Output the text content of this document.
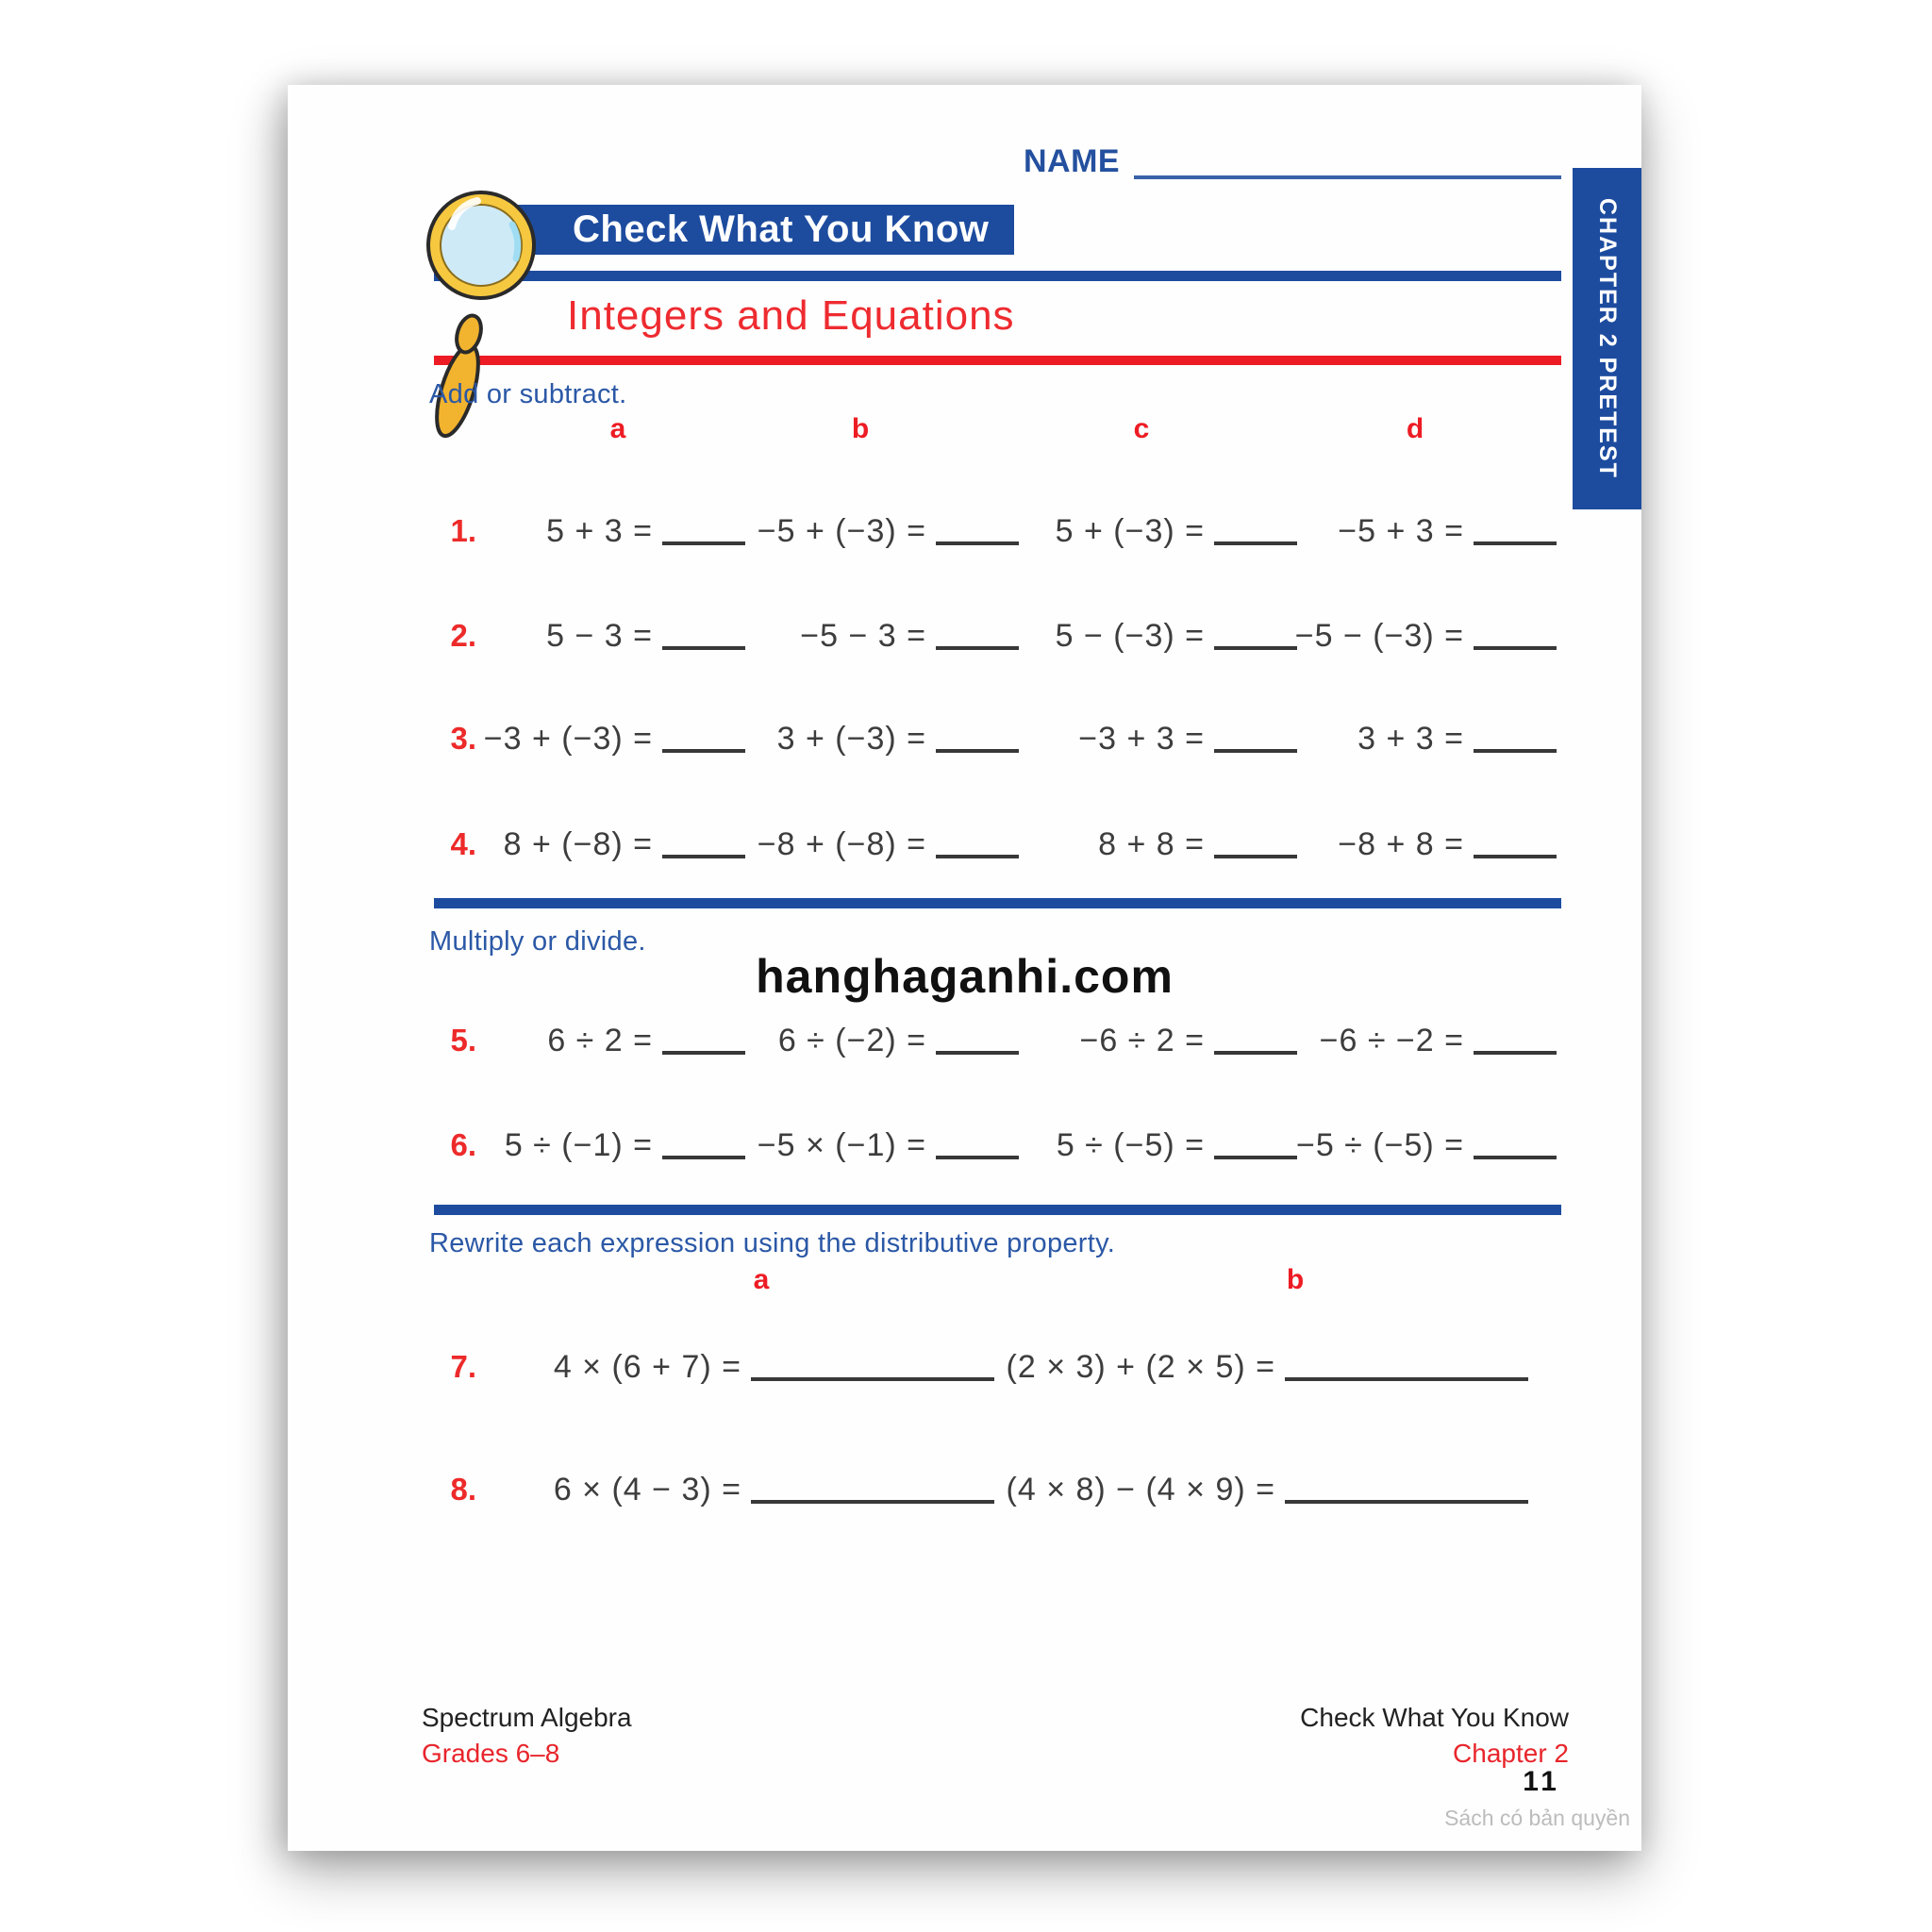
NAME
CHAPTER 2 PRETEST
Check What You Know
Integers and Equations
Add or subtract.
a	b	c	d
1.	5 + 3 =	−5 + (−3) =	5 + (−3) =	−5 + 3 =
2.	5 − 3 =	−5 − 3 =	5 − (−3) =	−5 − (−3) =
3. −3 + (−3) =	3 + (−3) =	−3 + 3 =	3 + 3 =
4. 8 + (−8) =	−8 + (−8) =	8 + 8 =	−8 + 8 =
Multiply or divide.
hanghaganhi.com
5.	6 ÷ 2 =	6 ÷ (−2) =	−6 ÷ 2 =	−6 ÷ −2 =
6. 5 ÷ (−1) =	−5 × (−1) =	5 ÷ (−5) =	−5 ÷ (−5) =
Rewrite each expression using the distributive property.
a	b
7.	4 × (6 + 7) =	(2 × 3) + (2 × 5) =
8.	6 × (4 − 3) =	(4 × 8) − (4 × 9) =
Spectrum Algebra
Grades 6–8
Check What You Know
Chapter 2
11
Sách có bản quyền
